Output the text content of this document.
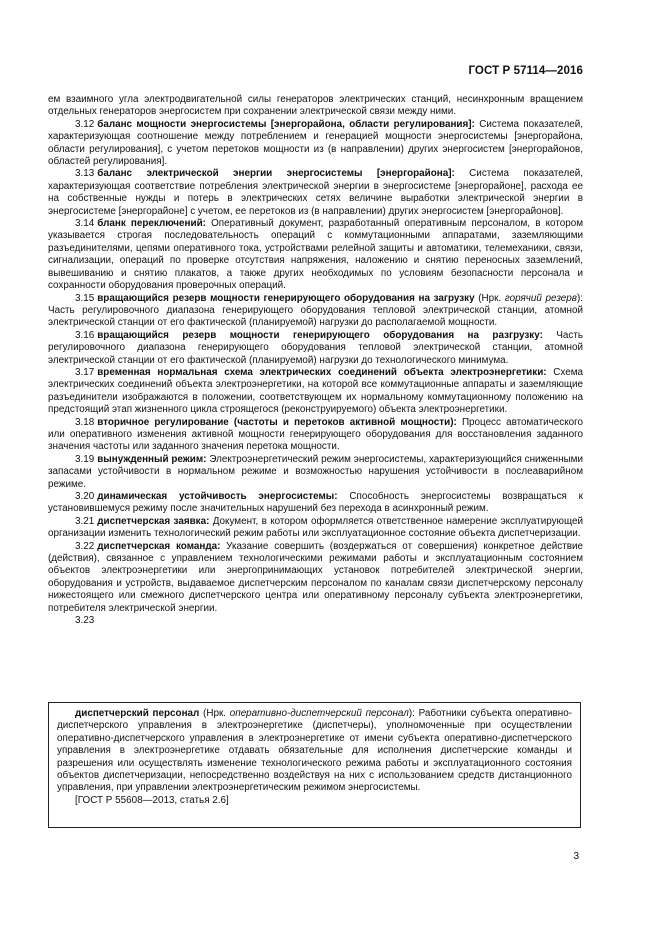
ГОСТ Р 57114—2016

ем взаимного угла электродвигательной силы генераторов электрических станций, несинхронным вращением отдельных генераторов энергосистем при сохранении электрической связи между ними.

3.12 баланс мощности энергосистемы [энергорайона, области регулирования]: Система показателей, характеризующая соотношение между потреблением и генерацией мощности энергосистемы [энергорайона, области регулирования], с учетом перетоков мощности из (в направлении) других энергосистем [энергорайонов, областей регулирования].

3.13 баланс электрической энергии энергосистемы [энергорайона]: Система показателей, характеризующая соответствие потребления электрической энергии в энергосистеме [энергорайоне], расхода ее на собственные нужды и потерь в электрических сетях величине выработки электрической энергии в энергосистеме [энергорайоне] с учетом, ее перетоков из (в направлении) других энергосистем [энергорайонов].

3.14 бланк переключений: Оперативный документ, разработанный оперативным персоналом, в котором указывается строгая последовательность операций с коммутационными аппаратами, заземляющими разъединителями, цепями оперативного тока, устройствами релейной защиты и автоматики, телемеханики, связи, сигнализации, операций по проверке отсутствия напряжения, наложению и снятию переносных заземлений, вывешиванию и снятию плакатов, а также других необходимых по условиям безопасности персонала и сохранности оборудования проверочных операций.

3.15 вращающийся резерв мощности генерирующего оборудования на загрузку (Нрк. горячий резерв): Часть регулировочного диапазона генерирующего оборудования тепловой электрической станции, атомной электрической станции от его фактической (планируемой) нагрузки до располагаемой мощности.

3.16 вращающийся резерв мощности генерирующего оборудования на разгрузку: Часть регулировочного диапазона генерирующего оборудования тепловой электрической станции, атомной электрической станции от его фактической (планируемой) нагрузки до технологического минимума.

3.17 временная нормальная схема электрических соединений объекта электроэнергетики: Схема электрических соединений объекта электроэнергетики, на которой все коммутационные аппараты и заземляющие разъединители изображаются в положении, соответствующем их нормальному коммутационному положению на предстоящий этап жизненного цикла строящегося (реконструируемого) объекта электроэнергетики.

3.18 вторичное регулирование (частоты и перетоков активной мощности): Процесс автоматического или оперативного изменения активной мощности генерирующего оборудования для восстановления заданного значения частоты или заданного значения перетока мощности.

3.19 вынужденный режим: Электроэнергетический режим энергосистемы, характеризующийся сниженными запасами устойчивости в нормальном режиме и возможностью нарушения устойчивости в послеаварийном режиме.

3.20 динамическая устойчивость энергосистемы: Способность энергосистемы возвращаться к установившемуся режиму после значительных нарушений без перехода в асинхронный режим.

3.21 диспетчерская заявка: Документ, в котором оформляется ответственное намерение эксплуатирующей организации изменить технологический режим работы или эксплуатационное состояние объекта диспетчеризации.

3.22 диспетчерская команда: Указание совершить (воздержаться от совершения) конкретное действие (действия), связанное с управлением технологическими режимами работы и эксплуатационным состоянием объектов электроэнергетики или энергопринимающих установок потребителей электрической энергии, оборудования и устройств, выдаваемое диспетчерским персоналом по каналам связи диспетчерскому персоналу нижестоящего или смежного диспетчерского центра или оперативному персоналу субъекта электроэнергетики, потребителя электрической энергии.

3.23

диспетчерский персонал (Нрк. оперативно-диспетчерский персонал): Работники субъекта оперативно-диспетчерского управления в электроэнергетике (диспетчеры), уполномоченные при осуществлении оперативно-диспетчерского управления в электроэнергетике от имени субъекта оперативно-диспетчерского управления в электроэнергетике отдавать обязательные для исполнения диспетчерские команды и разрешения или осуществлять изменение технологического режима работы и эксплуатационного состояния объектов диспетчеризации, непосредственно воздействуя на них с использованием средств дистанционного управления, при управлении электроэнергетическим режимом энергосистемы.

[ГОСТ Р 55608—2013, статья 2.6]

3
